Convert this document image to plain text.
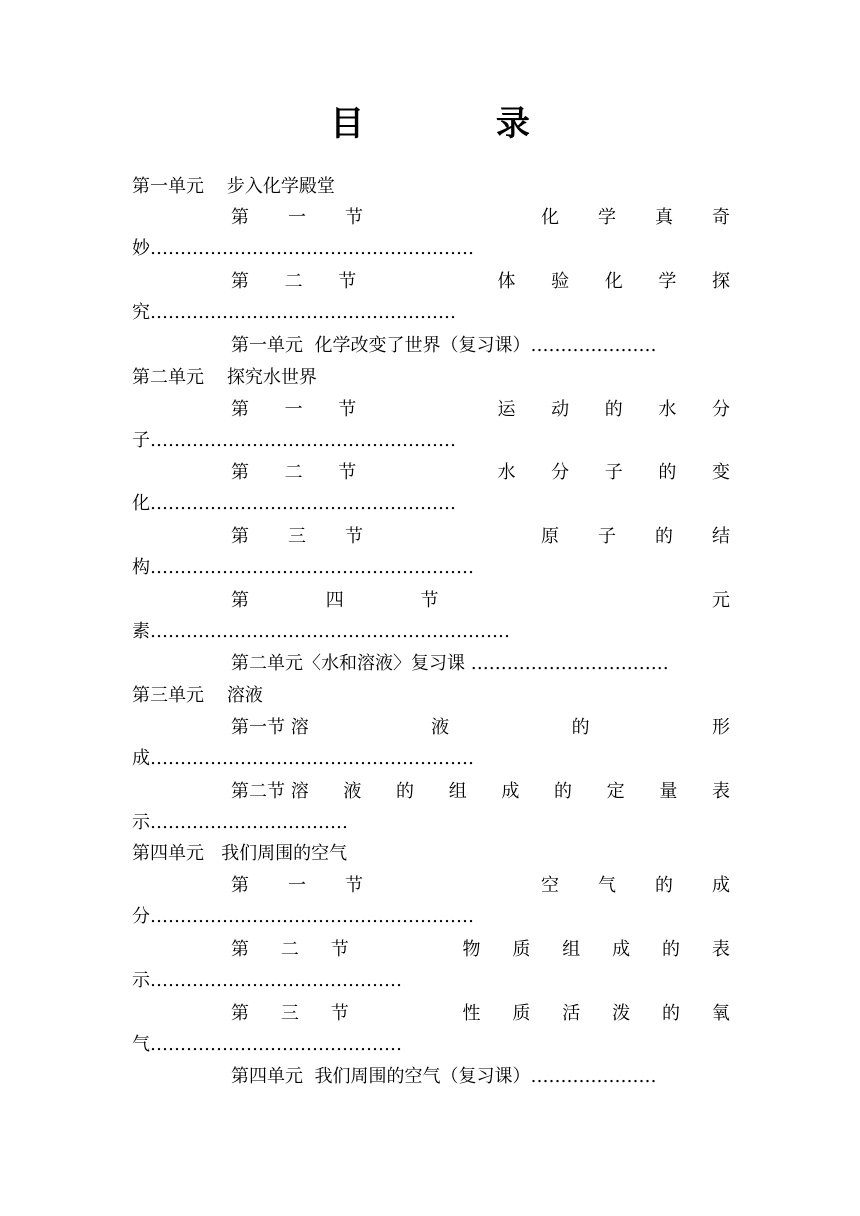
目 录
第一单元    步入化学殿堂
第 一 节	化 学 真 奇
妙………………………………………………
第 二 节	体 验 化 学 探
究……………………………………………
第一单元  化学改变了世界（复习课）…………………
第二单元    探究水世界
第 一 节	运 动 的 水 分
子……………………………………………
第 二 节	水 分 子 的 变
化……………………………………………
第 三 节	原 子 的 结
构………………………………………………
第	四	节	元
素……………………………………………………
第二单元〈水和溶液〉复习课 ……………………………
第三单元    溶液
第一节 溶	液	的	形
成………………………………………………
第二节 溶 液 的 组 成 的 定 量 表
示……………………………
第四单元   我们周围的空气
第 一 节	空 气 的 成
分………………………………………………
第 二 节	物 质 组 成 的 表
示……………………………………
第 三 节	性 质 活 泼 的 氧
气……………………………………
第四单元  我们周围的空气（复习课）…………………
